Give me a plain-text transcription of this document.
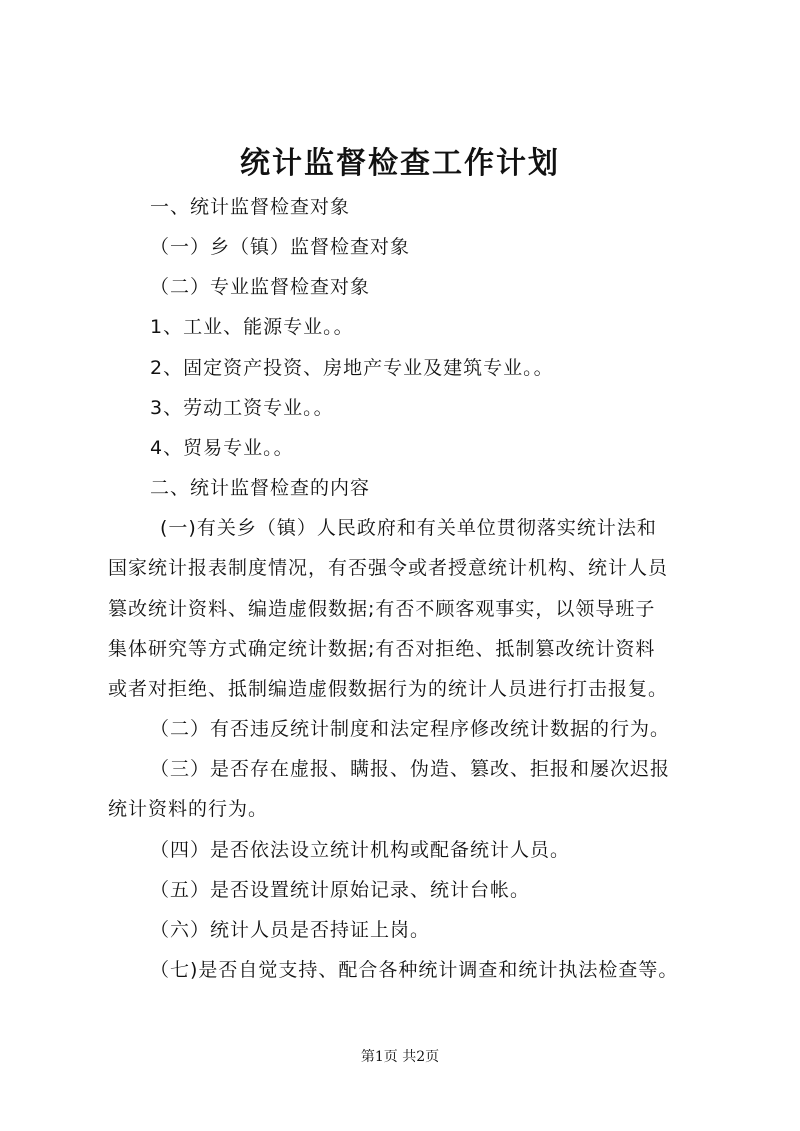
统计监督检查工作计划
一、统计监督检查对象
（一）乡（镇）监督检查对象
（二）专业监督检查对象
1、工业、能源专业。。
2、固定资产投资、房地产专业及建筑专业。。
3、劳动工资专业。。
4、贸易专业。。
二、统计监督检查的内容
(一)有关乡（镇）人民政府和有关单位贯彻落实统计法和
国家统计报表制度情况，有否强令或者授意统计机构、统计人员
篡改统计资料、编造虚假数据;有否不顾客观事实，以领导班子
集体研究等方式确定统计数据;有否对拒绝、抵制篡改统计资料
或者对拒绝、抵制编造虚假数据行为的统计人员进行打击报复。
（二）有否违反统计制度和法定程序修改统计数据的行为。
（三）是否存在虚报、瞒报、伪造、篡改、拒报和屡次迟报
统计资料的行为。
（四）是否依法设立统计机构或配备统计人员。
（五）是否设置统计原始记录、统计台帐。
（六）统计人员是否持证上岗。
（七)是否自觉支持、配合各种统计调查和统计执法检查等。
第1页 共2页
